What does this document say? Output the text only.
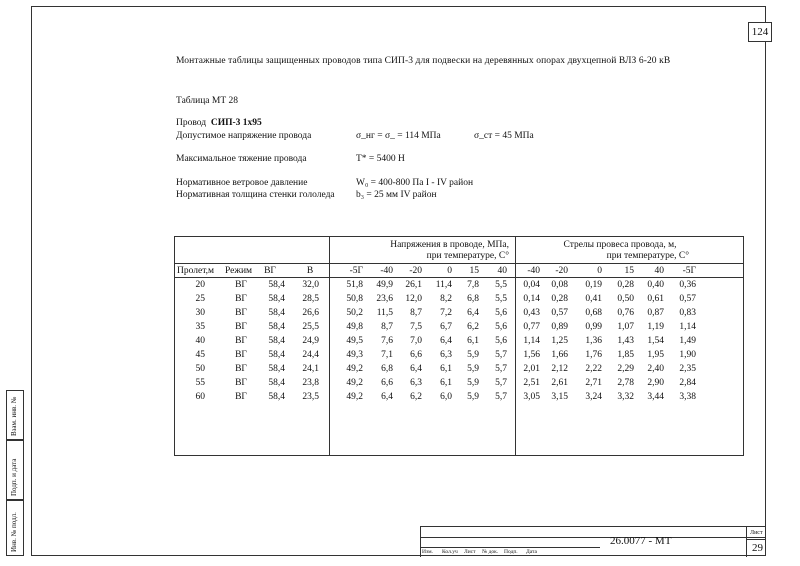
124
Монтажные таблицы защищенных проводов типа СИП-3 для подвески на деревянных опорах двухцепной ВЛЗ 6-20 кВ
Таблица МТ 28
Провод СИП-3 1х95
Допустимое напряжение провода	σ_нг = σ_ = 114 МПа	σ_ст = 45 МПа
Максимальное тяжение провода	T* = 5400 Н
Нормативное ветровое давление	W₀ = 400-800 Па I - IV район
Нормативная толщина стенки гололеда b₃ = 25 мм IV район
Напряжения в проводе, МПа,
при температуре, С°
Стрелы провеса провода, м,
при температуре, С°
Пролет,м	Режим	ВГ	В	-5Г	-40	-20	0	15	40	-40	-20	0	15	40	-5Г
20	ВГ	58,4	32,0	51,8	49,9	26,1	11,4	7,8	5,5	0,04	0,08	0,19	0,28	0,40	0,36
25	ВГ	58,4	28,5	50,8	23,6	12,0	8,2	6,8	5,5	0,14	0,28	0,41	0,50	0,61	0,57
30	ВГ	58,4	26,6	50,2	11,5	8,7	7,2	6,4	5,6	0,43	0,57	0,68	0,76	0,87	0,83
35	ВГ	58,4	25,5	49,8	8,7	7,5	6,7	6,2	5,6	0,77	0,89	0,99	1,07	1,19	1,14
40	ВГ	58,4	24,9	49,5	7,6	7,0	6,4	6,1	5,6	1,14	1,25	1,36	1,43	1,54	1,49
45	ВГ	58,4	24,4	49,3	7,1	6,6	6,3	5,9	5,7	1,56	1,66	1,76	1,85	1,95	1,90
50	ВГ	58,4	24,1	49,2	6,8	6,4	6,1	5,9	5,7	2,01	2,12	2,22	2,29	2,40	2,35
55	ВГ	58,4	23,8	49,2	6,6	6,3	6,1	5,9	5,7	2,51	2,61	2,71	2,78	2,90	2,84
60	ВГ	58,4	23,5	49,2	6,4	6,2	6,0	5,9	5,7	3,05	3,15	3,24	3,32	3,44	3,38
Инв. № подл.
Подп. и дата
Взам. инв. №
Изм. Кол.уч Лист № док. Подп. Дата
26.0077 - МТ
Лист
29
